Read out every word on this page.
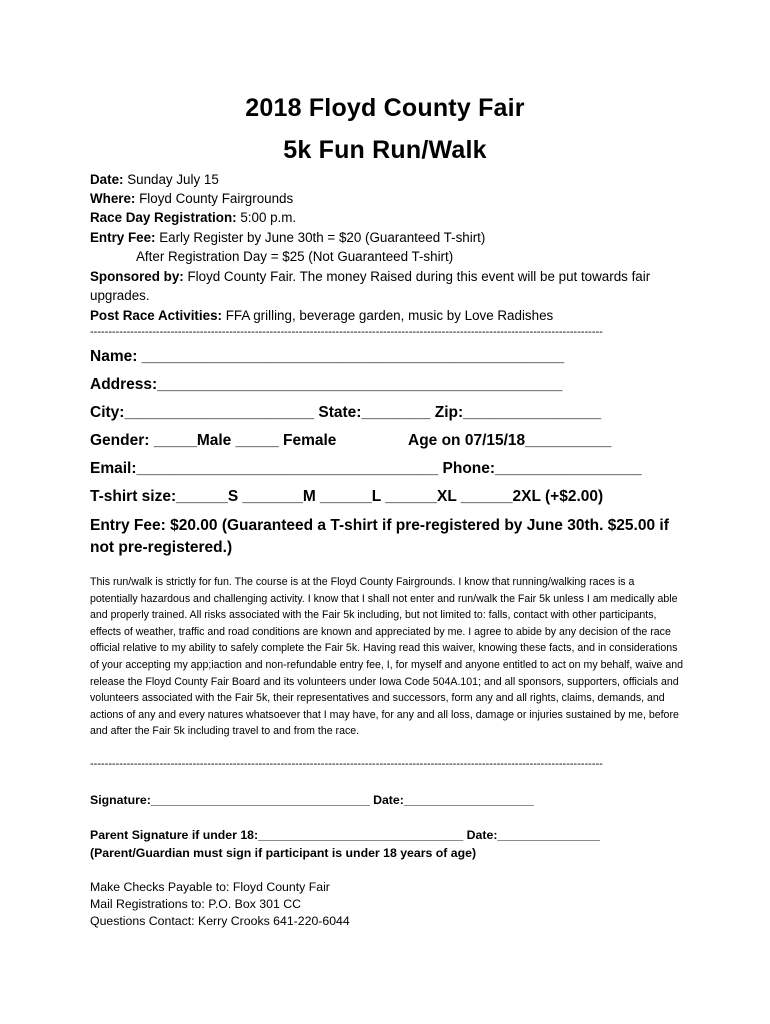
2018 Floyd County Fair
5k Fun Run/Walk
Date: Sunday July 15
Where: Floyd County Fairgrounds
Race Day Registration: 5:00 p.m.
Entry Fee: Early Register by June 30th = $20 (Guaranteed T-shirt)
After Registration Day = $25 (Not Guaranteed T-shirt)
Sponsored by: Floyd County Fair. The money Raised during this event will be put towards fair
upgrades.
Post Race Activities: FFA grilling, beverage garden, music by Love Radishes
--------------------------------------------------------------------------------------------------------------------------------------------
Name: _________________________________________________
Address:_______________________________________________
City:______________________ State:________ Zip:________________
Gender: _____Male _____ Female	Age on 07/15/18__________
Email:___________________________________ Phone:_________________
T-shirt size:______S _______M ______L ______XL ______2XL (+$2.00)
Entry Fee: $20.00 (Guaranteed a T-shirt if pre-registered by June 30th. $25.00 if not pre-registered.)
This run/walk is strictly for fun. The course is at the Floyd County Fairgrounds. I know that running/walking races is a potentially hazardous and challenging activity. I know that I shall not enter and run/walk the Fair 5k unless I am medically able and properly trained. All risks associated with the Fair 5k including, but not limited to: falls, contact with other participants, effects of weather, traffic and road conditions are known and appreciated by me. I agree to abide by any decision of the race official relative to my ability to safely complete the Fair 5k. Having read this waiver, knowing these facts, and in considerations of your accepting my app;iaction and non-refundable entry fee, I, for myself and anyone entitled to act on my behalf, waive and release the Floyd County Fair Board and its volunteers under Iowa Code 504A.101; and all sponsors, supporters, officials and volunteers associated with the Fair 5k, their representatives and successors, form any and all rights, claims, demands, and actions of any and every natures whatsoever that I may have, for any and all loss, damage or injuries sustained by me, before and after the Fair 5k including travel to and from the race.
--------------------------------------------------------------------------------------------------------------------------------------------
Signature:________________________________ Date:___________________
Parent Signature if under 18:______________________________ Date:_______________
(Parent/Guardian must sign if participant is under 18 years of age)
Make Checks Payable to: Floyd County Fair
Mail Registrations to: P.O. Box 301 CC
Questions Contact: Kerry Crooks 641-220-6044
